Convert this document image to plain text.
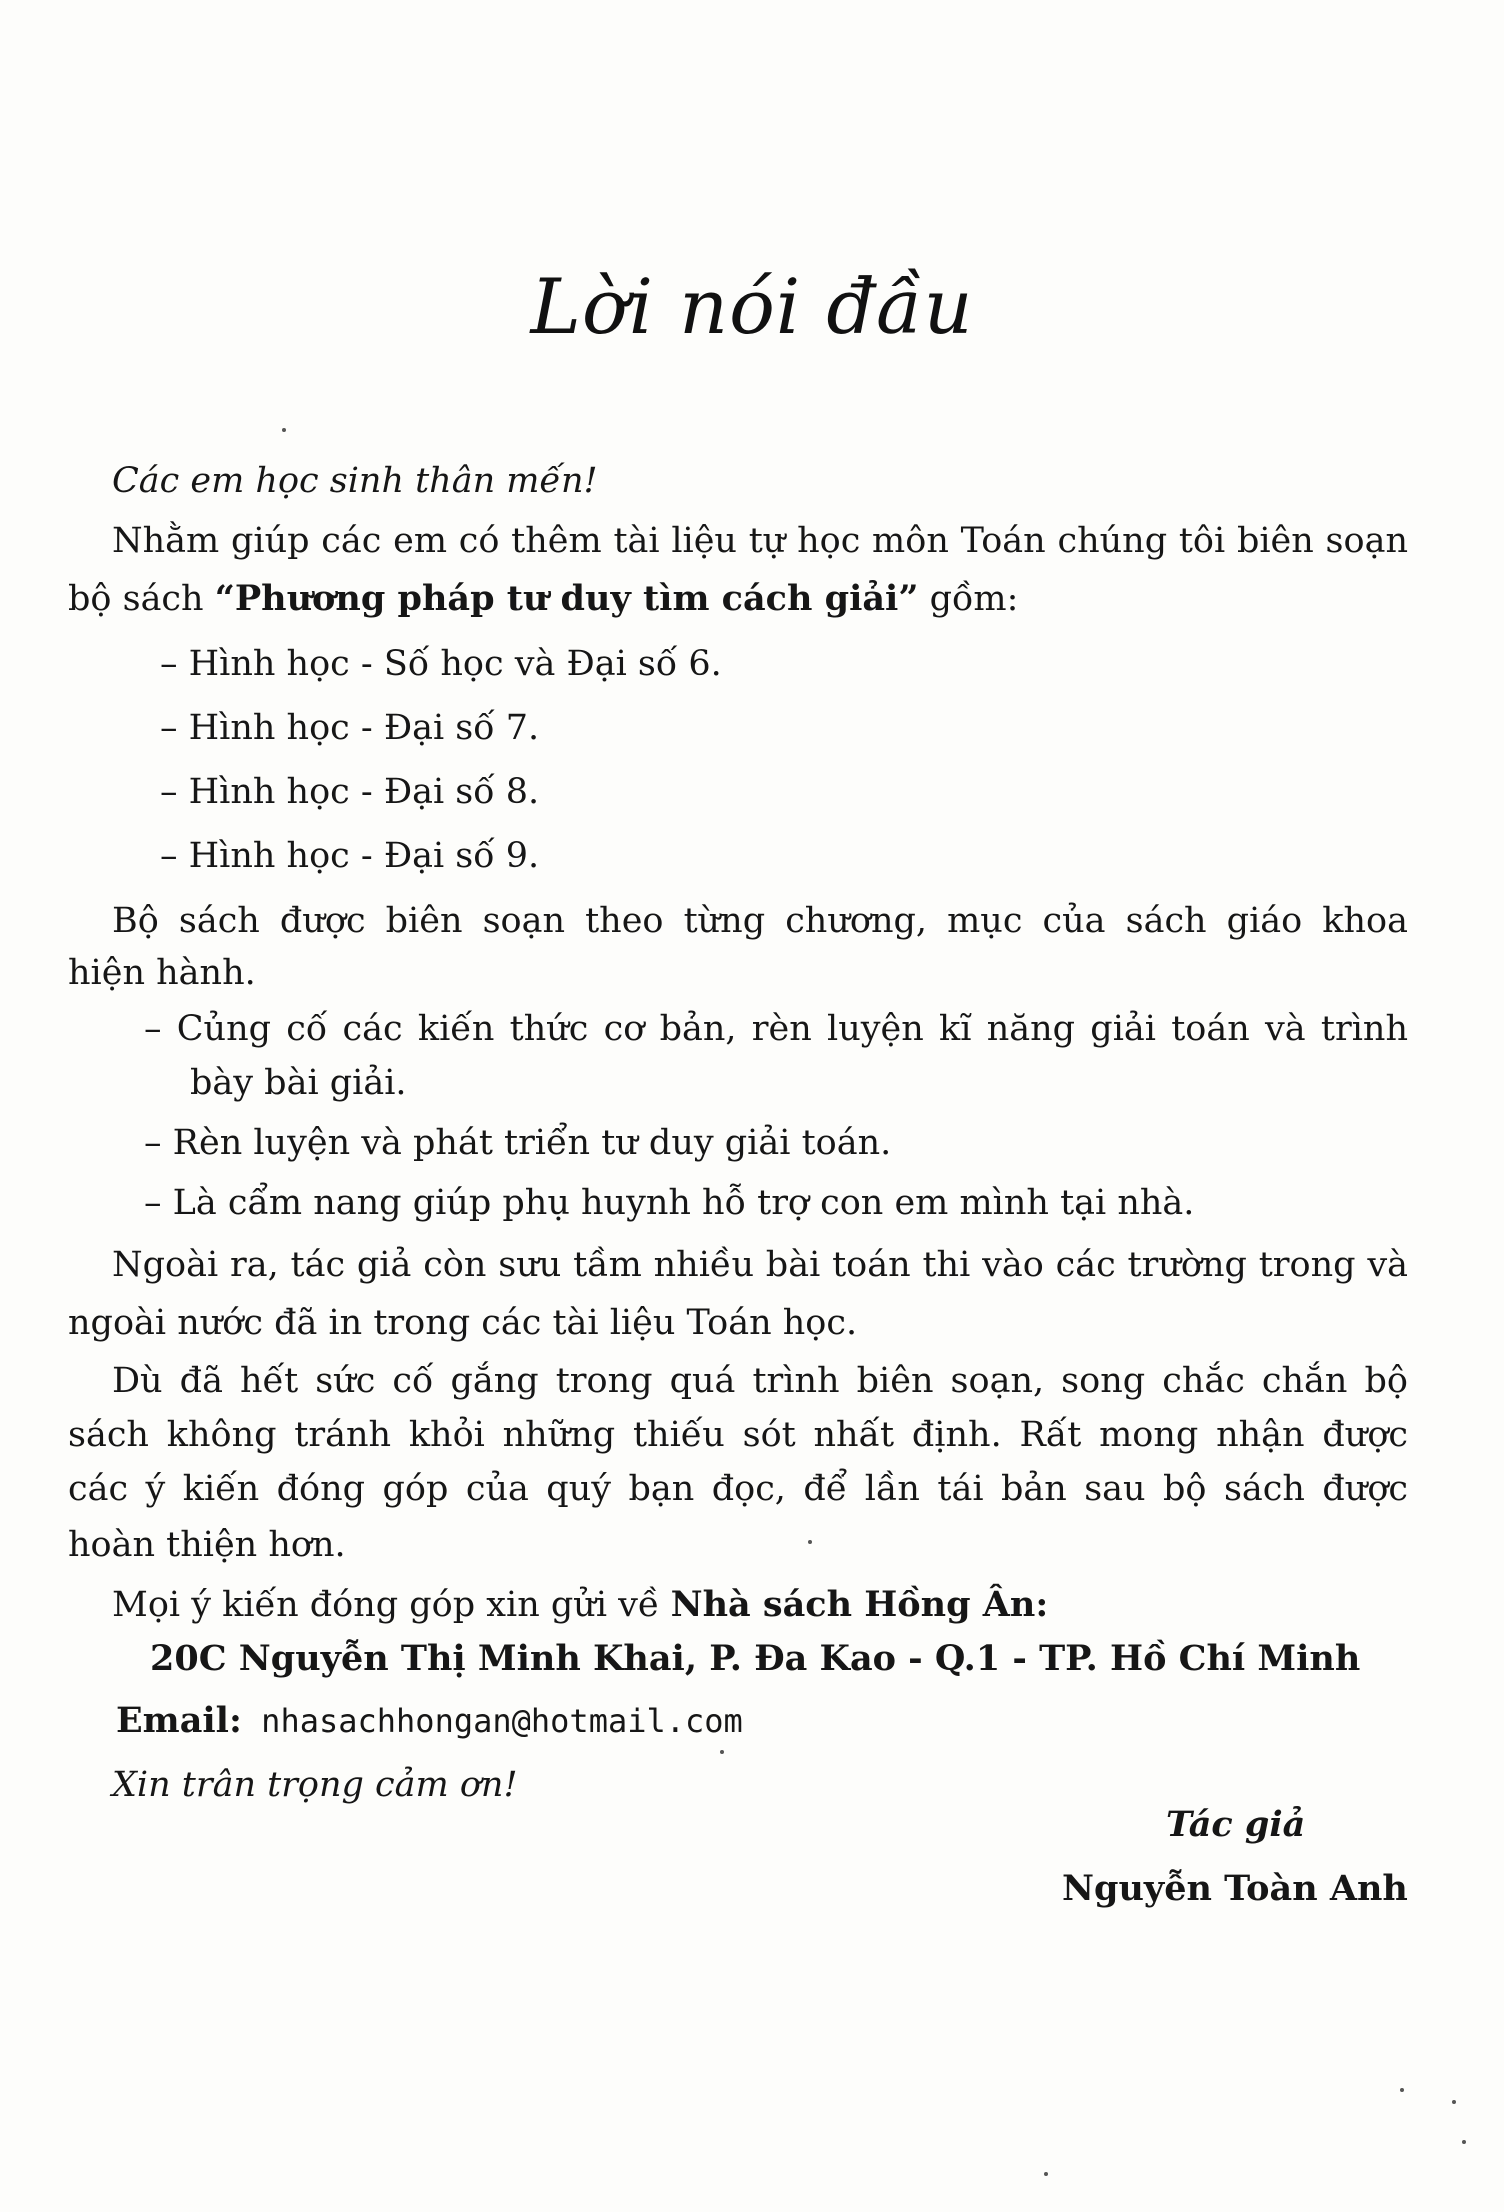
Lời nói đầu
Các em học sinh thân mến!
Nhằm giúp các em có thêm tài liệu tự học môn Toán chúng tôi biên soạn
bộ sách “Phương pháp tư duy tìm cách giải” gồm:
– Hình học - Số học và Đại số 6.
– Hình học - Đại số 7.
– Hình học - Đại số 8.
– Hình học - Đại số 9.
Bộ sách được biên soạn theo từng chương, mục của sách giáo khoa
hiện hành.
– Củng cố các kiến thức cơ bản, rèn luyện kĩ năng giải toán và trình
bày bài giải.
– Rèn luyện và phát triển tư duy giải toán.
– Là cẩm nang giúp phụ huynh hỗ trợ con em mình tại nhà.
Ngoài ra, tác giả còn sưu tầm nhiều bài toán thi vào các trường trong và
ngoài nước đã in trong các tài liệu Toán học.
Dù đã hết sức cố gắng trong quá trình biên soạn, song chắc chắn bộ
sách không tránh khỏi những thiếu sót nhất định. Rất mong nhận được
các ý kiến đóng góp của quý bạn đọc, để lần tái bản sau bộ sách được
hoàn thiện hơn.
Mọi ý kiến đóng góp xin gửi về Nhà sách Hồng Ân:
20C Nguyễn Thị Minh Khai, P. Đa Kao - Q.1 - TP. Hồ Chí Minh
Email: nhasachhongan@hotmail.com
Xin trân trọng cảm ơn!
Tác giả
Nguyễn Toàn Anh
